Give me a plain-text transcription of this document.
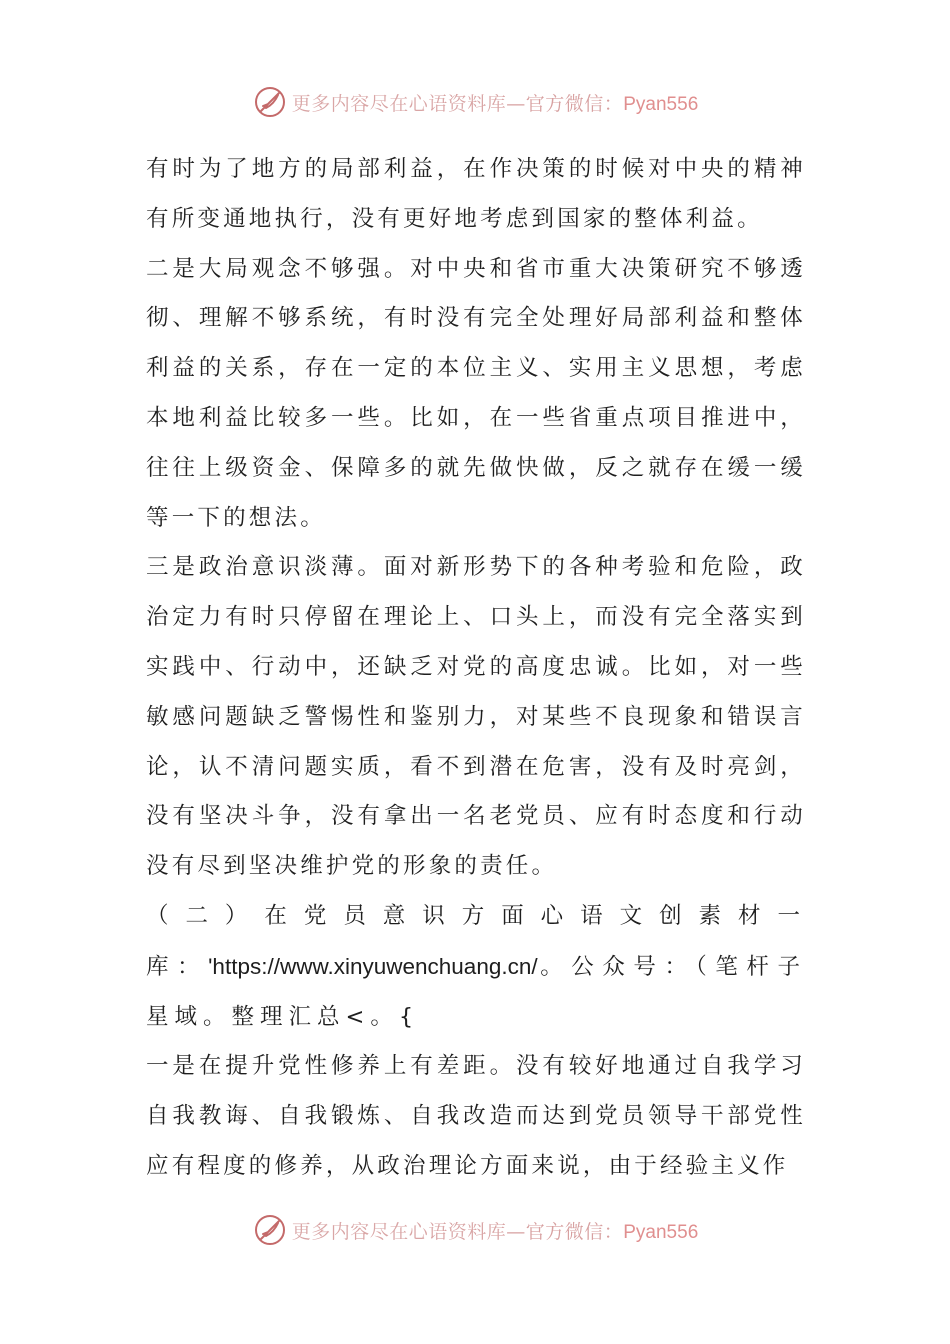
更多内容尽在心语资料库—官方微信：Pyan556

有时为了地方的局部利益，在作决策的时候对中央的精神有所变通地执行，没有更好地考虑到国家的整体利益。

二是大局观念不够强。对中央和省市重大决策研究不够透彻、理解不够系统，有时没有完全处理好局部利益和整体利益的关系，存在一定的本位主义、实用主义思想，考虑本地利益比较多一些。比如，在一些省重点项目推进中，往往上级资金、保障多的就先做快做，反之就存在缓一缓等一下的想法。

三是政治意识淡薄。面对新形势下的各种考验和危险，政治定力有时只停留在理论上、口头上，而没有完全落实到实践中、行动中，还缺乏对党的高度忠诚。比如，对一些敏感问题缺乏警惕性和鉴别力，对某些不良现象和错误言论，认不清问题实质，看不到潜在危害，没有及时亮剑，没有坚决斗争，没有拿出一名老党员、应有时态度和行动没有尽到坚决维护党的形象的责任。

（二）在党员意识方面心语文创素材一库：'https://www.xinyuwenchuang.cn/。公众号：（笔杆子星域。整理汇总<。{

一是在提升党性修养上有差距。没有较好地通过自我学习自我教诲、自我锻炼、自我改造而达到党员领导干部党性应有程度的修养，从政治理论方面来说，由于经验主义作

更多内容尽在心语资料库—官方微信：Pyan556
